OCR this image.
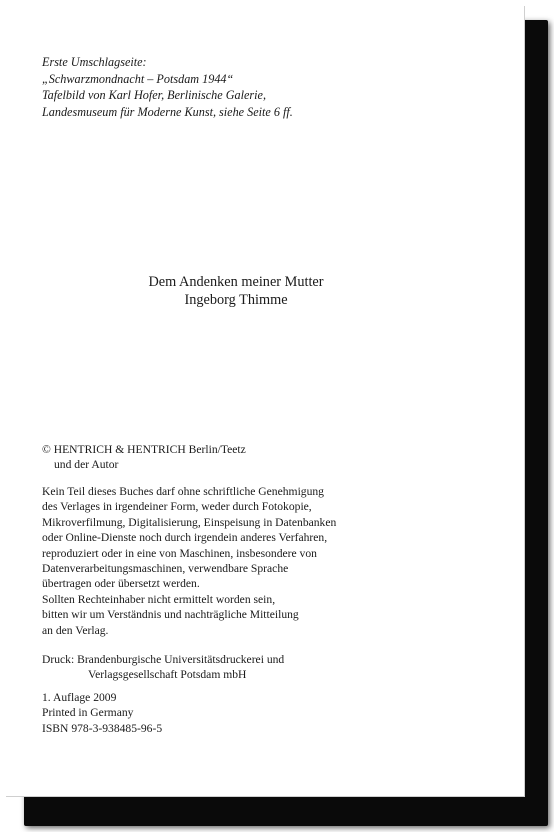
Erste Umschlagseite:
„Schwarzmondnacht – Potsdam 1944“
Tafelbild von Karl Hofer, Berlinische Galerie,
Landesmuseum für Moderne Kunst, siehe Seite 6 ff.
Dem Andenken meiner Mutter
Ingeborg Thimme
© HENTRICH & HENTRICH Berlin/Teetz
und der Autor
Kein Teil dieses Buches darf ohne schriftliche Genehmigung
des Verlages in irgendeiner Form, weder durch Fotokopie,
Mikroverfilmung, Digitalisierung, Einspeisung in Datenbanken
oder Online-Dienste noch durch irgendein anderes Verfahren,
reproduziert oder in eine von Maschinen, insbesondere von
Datenverarbeitungsmaschinen, verwendbare Sprache
übertragen oder übersetzt werden.
Sollten Rechteinhaber nicht ermittelt worden sein,
bitten wir um Verständnis und nachträgliche Mitteilung
an den Verlag.
Druck: Brandenburgische Universitätsdruckerei und
Verlagsgesellschaft Potsdam mbH
1. Auflage 2009
Printed in Germany
ISBN 978-3-938485-96-5
